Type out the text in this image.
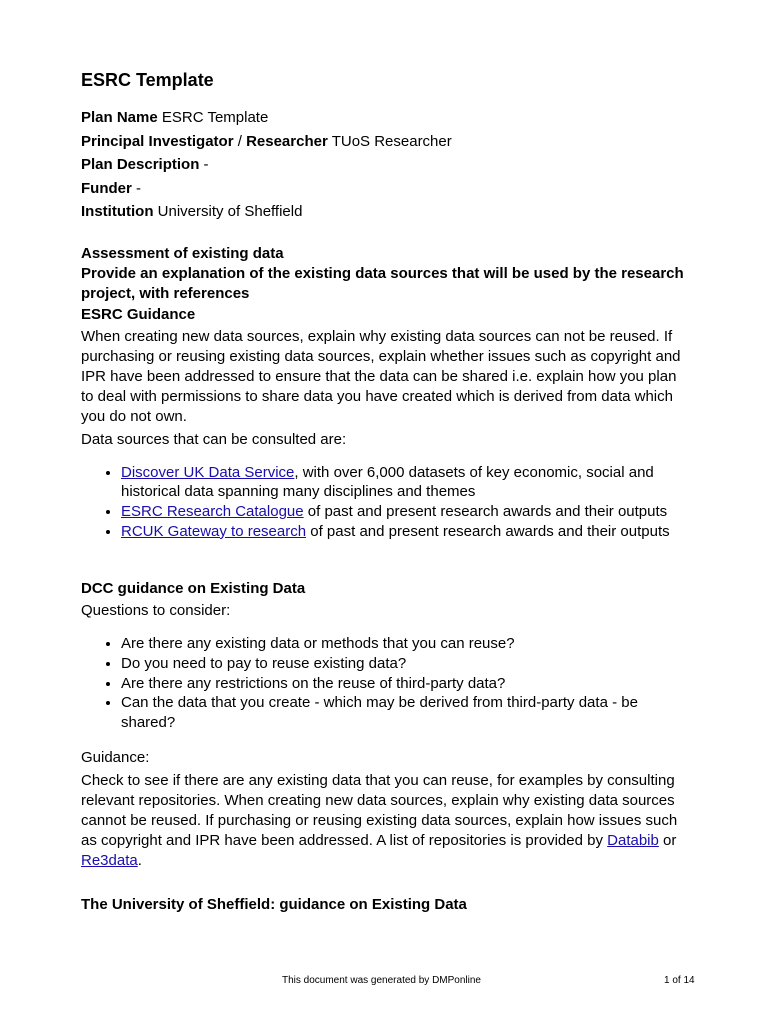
ESRC Template

Plan Name ESRC Template

Principal Investigator / Researcher TUoS Researcher

Plan Description -

Funder -

Institution University of Sheffield

Assessment of existing data

Provide an explanation of the existing data sources that will be used by the research project, with references

ESRC Guidance

When creating new data sources, explain why existing data sources can not be reused. If purchasing or reusing existing data sources, explain whether issues such as copyright and IPR have been addressed to ensure that the data can be shared i.e. explain how you plan to deal with permissions to share data you have created which is derived from data which you do not own.

Data sources that can be consulted are:

• Discover UK Data Service, with over 6,000 datasets of key economic, social and historical data spanning many disciplines and themes
• ESRC Research Catalogue of past and present research awards and their outputs
• RCUK Gateway to research of past and present research awards and their outputs

DCC guidance on Existing Data

Questions to consider:

• Are there any existing data or methods that you can reuse?
• Do you need to pay to reuse existing data?
• Are there any restrictions on the reuse of third-party data?
• Can the data that you create - which may be derived from third-party data - be shared?

Guidance:

Check to see if there are any existing data that you can reuse, for examples by consulting relevant repositories. When creating new data sources, explain why existing data sources cannot be reused. If purchasing or reusing existing data sources, explain how issues such as copyright and IPR have been addressed. A list of repositories is provided by Databib or Re3data.

The University of Sheffield: guidance on Existing Data

This document was generated by DMPonline	1 of 14
